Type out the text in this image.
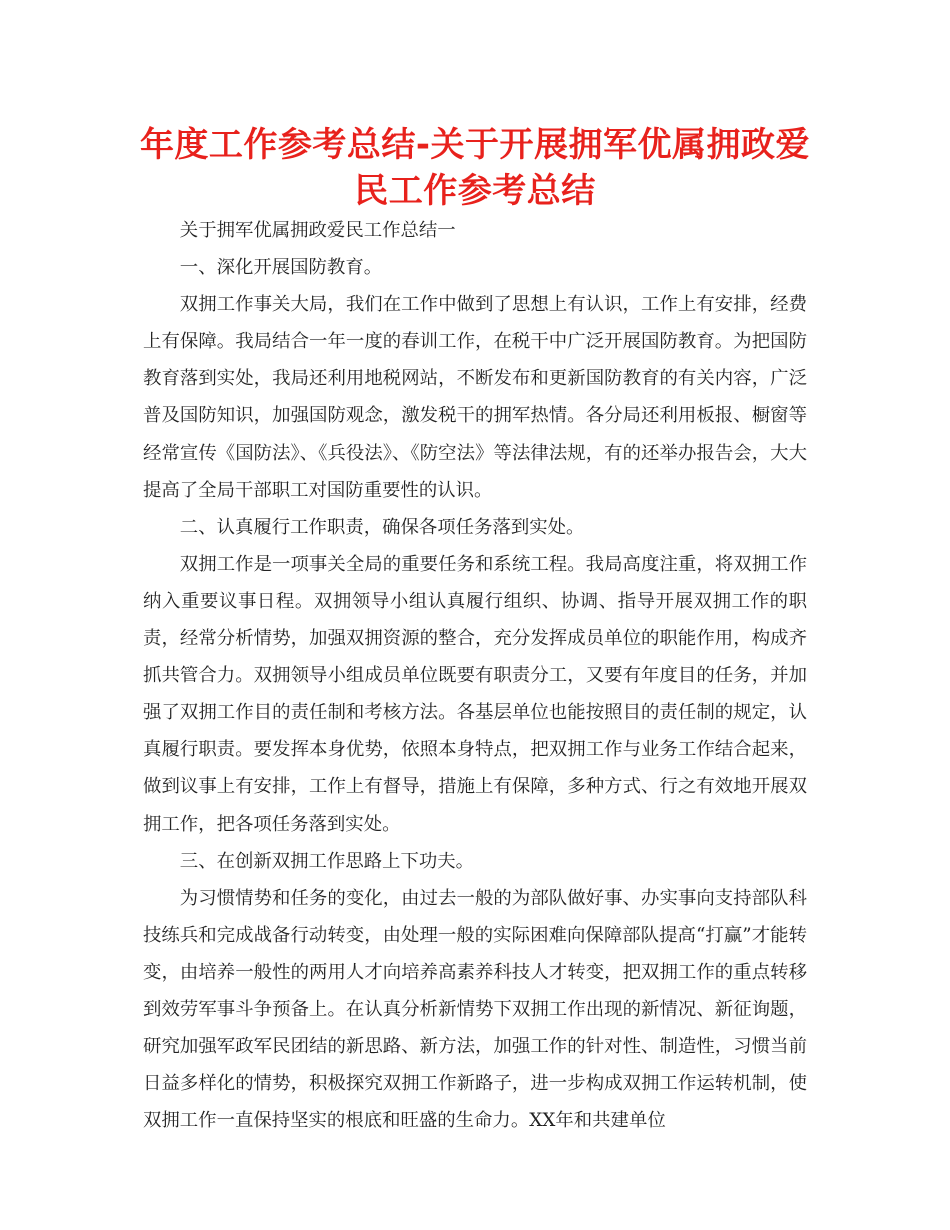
年度工作参考总结-关于开展拥军优属拥政爱民工作参考总结

关于拥军优属拥政爱民工作总结一

一、深化开展国防教育。

双拥工作事关大局，我们在工作中做到了思想上有认识，工作上有安排，经费上有保障。我局结合一年一度的春训工作，在税干中广泛开展国防教育。为把国防教育落到实处，我局还利用地税网站，不断发布和更新国防教育的有关内容，广泛普及国防知识，加强国防观念，激发税干的拥军热情。各分局还利用板报、橱窗等经常宣传《国防法》、《兵役法》、《防空法》等法律法规，有的还举办报告会，大大提高了全局干部职工对国防重要性的认识。

二、认真履行工作职责，确保各项任务落到实处。

双拥工作是一项事关全局的重要任务和系统工程。我局高度注重，将双拥工作纳入重要议事日程。双拥领导小组认真履行组织、协调、指导开展双拥工作的职责，经常分析情势，加强双拥资源的整合，充分发挥成员单位的职能作用，构成齐抓共管合力。双拥领导小组成员单位既要有职责分工，又要有年度目的任务，并加强了双拥工作目的责任制和考核方法。各基层单位也能按照目的责任制的规定，认真履行职责。要发挥本身优势，依照本身特点，把双拥工作与业务工作结合起来，做到议事上有安排，工作上有督导，措施上有保障，多种方式、行之有效地开展双拥工作，把各项任务落到实处。

三、在创新双拥工作思路上下功夫。

为习惯情势和任务的变化，由过去一般的为部队做好事、办实事向支持部队科技练兵和完成战备行动转变，由处理一般的实际困难向保障部队提高“打赢”才能转变，由培养一般性的两用人才向培养高素养科技人才转变，把双拥工作的重点转移到效劳军事斗争预备上。在认真分析新情势下双拥工作出现的新情况、新征询题，研究加强军政军民团结的新思路、新方法，加强工作的针对性、制造性，习惯当前日益多样化的情势，积极探究双拥工作新路子，进一步构成双拥工作运转机制，使双拥工作一直保持坚实的根底和旺盛的生命力。XX年和共建单位
